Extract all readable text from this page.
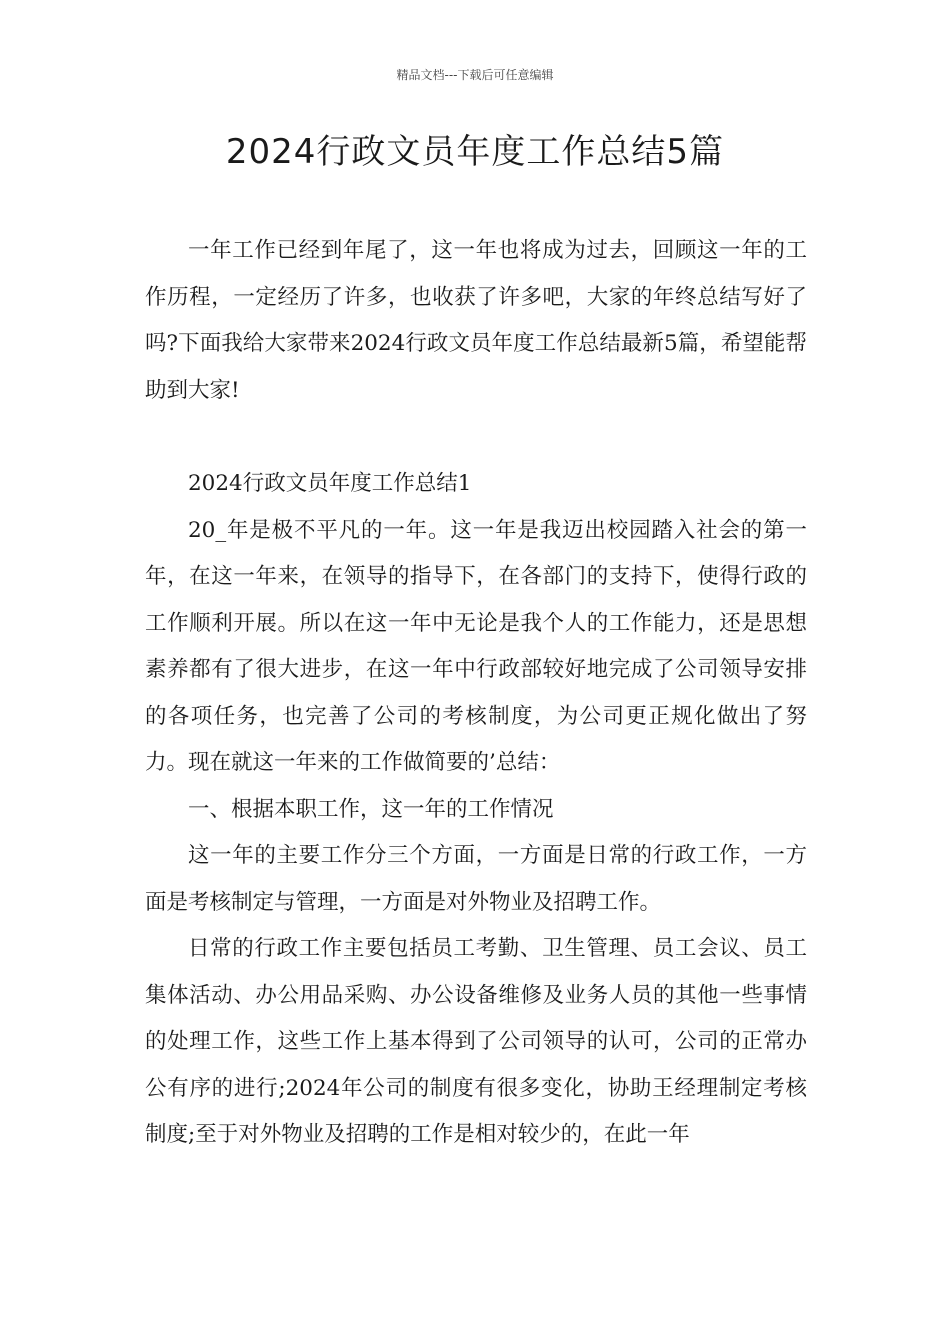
精品文档---下载后可任意编辑
2024行政文员年度工作总结5篇

一年工作已经到年尾了，这一年也将成为过去，回顾这一年的工作历程，一定经历了许多，也收获了许多吧，大家的年终总结写好了吗?下面我给大家带来2024行政文员年度工作总结最新5篇，希望能帮助到大家!

2024行政文员年度工作总结1

20_年是极不平凡的一年。这一年是我迈出校园踏入社会的第一年，在这一年来，在领导的指导下，在各部门的支持下，使得行政的工作顺利开展。所以在这一年中无论是我个人的工作能力，还是思想素养都有了很大进步，在这一年中行政部较好地完成了公司领导安排的各项任务，也完善了公司的考核制度，为公司更正规化做出了努力。现在就这一年来的工作做简要的’总结：

一、根据本职工作，这一年的工作情况

这一年的主要工作分三个方面，一方面是日常的行政工作，一方面是考核制定与管理，一方面是对外物业及招聘工作。

日常的行政工作主要包括员工考勤、卫生管理、员工会议、员工集体活动、办公用品采购、办公设备维修及业务人员的其他一些事情的处理工作，这些工作上基本得到了公司领导的认可，公司的正常办公有序的进行;2024年公司的制度有很多变化，协助王经理制定考核制度;至于对外物业及招聘的工作是相对较少的，在此一年
